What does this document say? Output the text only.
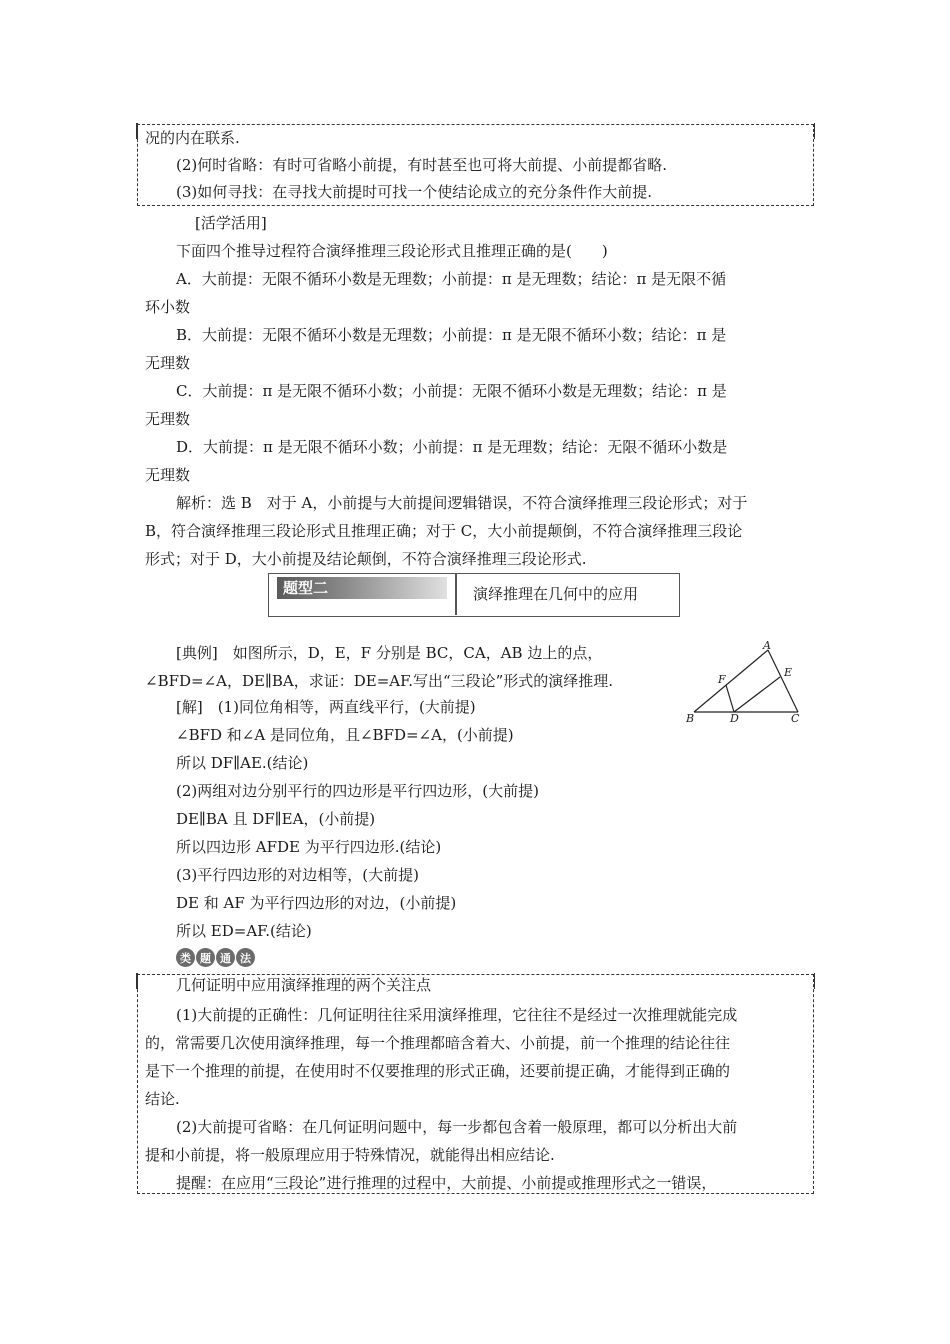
况的内在联系.
(2)何时省略：有时可省略小前提，有时甚至也可将大前提、小前提都省略.
(3)如何寻找：在寻找大前提时可找一个使结论成立的充分条件作大前提.
[活学活用]
下面四个推导过程符合演绎推理三段论形式且推理正确的是(　　)
A．大前提：无限不循环小数是无理数；小前提：π 是无理数；结论：π 是无限不循
环小数
B．大前提：无限不循环小数是无理数；小前提：π 是无限不循环小数；结论：π 是
无理数
C．大前提：π 是无限不循环小数；小前提：无限不循环小数是无理数；结论：π 是
无理数
D．大前提：π 是无限不循环小数；小前提：π 是无理数；结论：无限不循环小数是
无理数
解析：选 B　对于 A，小前提与大前提间逻辑错误，不符合演绎推理三段论形式；对于
B，符合演绎推理三段论形式且推理正确；对于 C，大小前提颠倒，不符合演绎推理三段论
形式；对于 D，大小前提及结论颠倒，不符合演绎推理三段论形式.
题型二	演绎推理在几何中的应用
[典例]　如图所示，D，E，F 分别是 BC，CA，AB 边上的点，
∠BFD=∠A，DE∥BA，求证：DE=AF.写出“三段论”形式的演绎推理.
A
B	C
D
E
F
[解]　(1)同位角相等，两直线平行，(大前提)
∠BFD 和∠A 是同位角，且∠BFD=∠A，(小前提)
所以 DF∥AE.(结论)
(2)两组对边分别平行的四边形是平行四边形，(大前提)
DE∥BA 且 DF∥EA，(小前提)
所以四边形 AFDE 为平行四边形.(结论)
(3)平行四边形的对边相等，(大前提)
DE 和 AF 为平行四边形的对边，(小前提)
所以 ED=AF.(结论)
类 题 通 法
几何证明中应用演绎推理的两个关注点
(1)大前提的正确性：几何证明往往采用演绎推理，它往往不是经过一次推理就能完成
的，常需要几次使用演绎推理，每一个推理都暗含着大、小前提，前一个推理的结论往往
是下一个推理的前提，在使用时不仅要推理的形式正确，还要前提正确，才能得到正确的
结论.
(2)大前提可省略：在几何证明问题中，每一步都包含着一般原理，都可以分析出大前
提和小前提，将一般原理应用于特殊情况，就能得出相应结论.
提醒：在应用“三段论”进行推理的过程中，大前提、小前提或推理形式之一错误，
